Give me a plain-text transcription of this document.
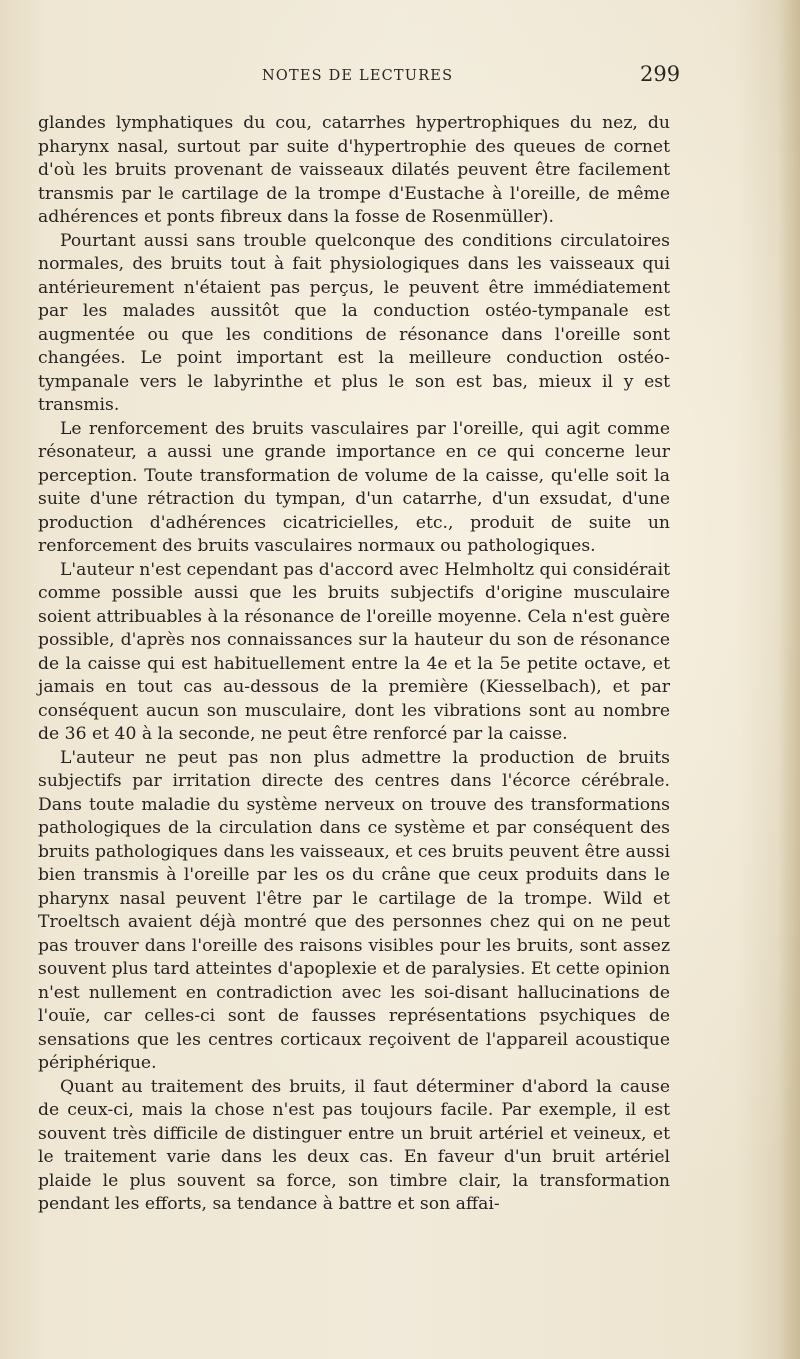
NOTES DE LECTURES	299

glandes lymphatiques du cou, catarrhes hypertrophiques du nez, du pharynx nasal, surtout par suite d'hypertrophie des queues de cornet d'où les bruits provenant de vaisseaux dilatés peuvent être facilement transmis par le cartilage de la trompe d'Eustache à l'oreille, de même adhérences et ponts fibreux dans la fosse de Rosenmüller).

Pourtant aussi sans trouble quelconque des conditions circulatoires normales, des bruits tout à fait physiologiques dans les vaisseaux qui antérieurement n'étaient pas perçus, le peuvent être immédiatement par les malades aussitôt que la conduction ostéo-tympanale est augmentée ou que les conditions de résonance dans l'oreille sont changées. Le point important est la meilleure conduction ostéo-tympanale vers le labyrinthe et plus le son est bas, mieux il y est transmis.

Le renforcement des bruits vasculaires par l'oreille, qui agit comme résonateur, a aussi une grande importance en ce qui concerne leur perception. Toute transformation de volume de la caisse, qu'elle soit la suite d'une rétraction du tympan, d'un catarrhe, d'un exsudat, d'une production d'adhérences cicatricielles, etc., produit de suite un renforcement des bruits vasculaires normaux ou pathologiques.

L'auteur n'est cependant pas d'accord avec Helmholtz qui considérait comme possible aussi que les bruits subjectifs d'origine musculaire soient attribuables à la résonance de l'oreille moyenne. Cela n'est guère possible, d'après nos connaissances sur la hauteur du son de résonance de la caisse qui est habituellement entre la 4e et la 5e petite octave, et jamais en tout cas au-dessous de la première (Kiesselbach), et par conséquent aucun son musculaire, dont les vibrations sont au nombre de 36 et 40 à la seconde, ne peut être renforcé par la caisse.

L'auteur ne peut pas non plus admettre la production de bruits subjectifs par irritation directe des centres dans l'écorce cérébrale. Dans toute maladie du système nerveux on trouve des transformations pathologiques de la circulation dans ce système et par conséquent des bruits pathologiques dans les vaisseaux, et ces bruits peuvent être aussi bien transmis à l'oreille par les os du crâne que ceux produits dans le pharynx nasal peuvent l'être par le cartilage de la trompe. Wild et Troeltsch avaient déjà montré que des personnes chez qui on ne peut pas trouver dans l'oreille des raisons visibles pour les bruits, sont assez souvent plus tard atteintes d'apoplexie et de paralysies. Et cette opinion n'est nullement en contradiction avec les soi-disant hallucinations de l'ouïe, car celles-ci sont de fausses représentations psychiques de sensations que les centres corticaux reçoivent de l'appareil acoustique périphérique.

Quant au traitement des bruits, il faut déterminer d'abord la cause de ceux-ci, mais la chose n'est pas toujours facile. Par exemple, il est souvent très difficile de distinguer entre un bruit artériel et veineux, et le traitement varie dans les deux cas. En faveur d'un bruit artériel plaide le plus souvent sa force, son timbre clair, la transformation pendant les efforts, sa tendance à battre et son affai-
